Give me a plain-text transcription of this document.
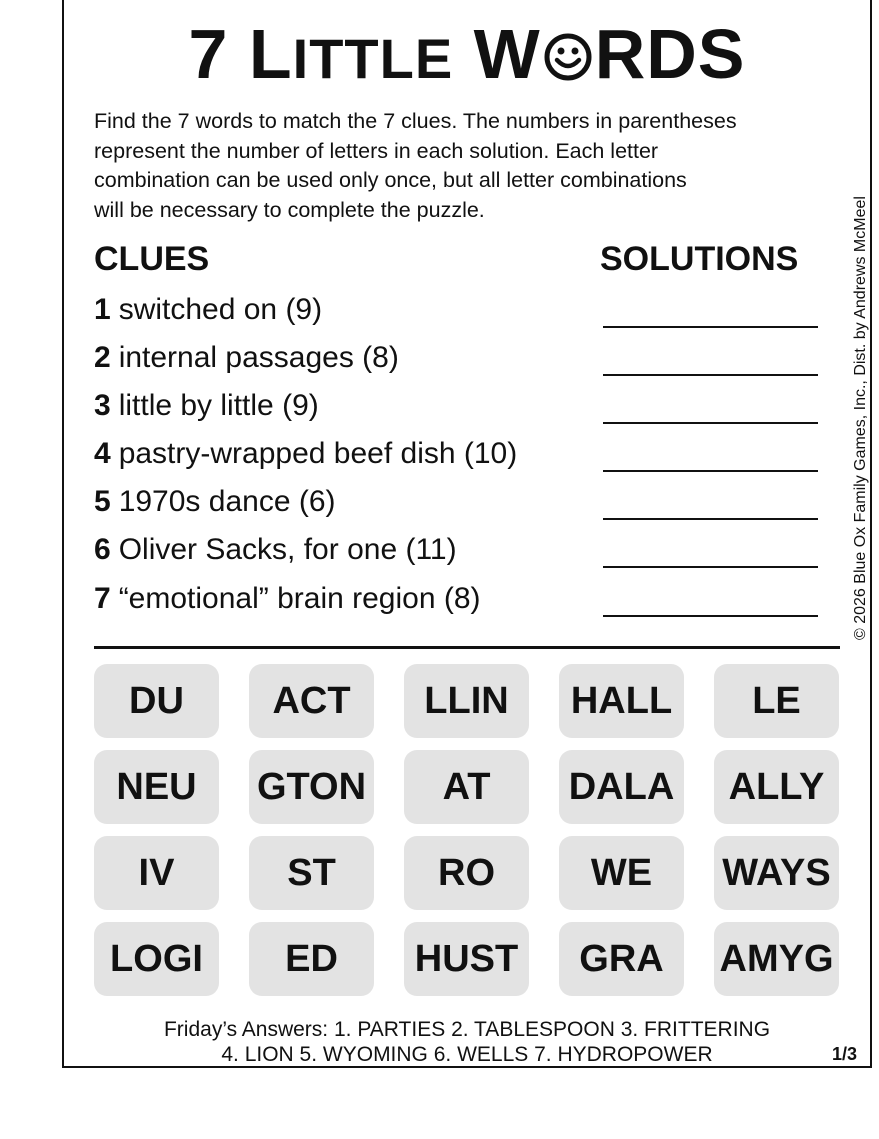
7 LITTLE W RDS
Find the 7 words to match the 7 clues. The numbers in parentheses
represent the number of letters in each solution. Each letter
combination can be used only once, but all letter combinations
will be necessary to complete the puzzle.
CLUES	SOLUTIONS
1 switched on (9)
2 internal passages (8)
3 little by little (9)
4 pastry-wrapped beef dish (10)
5 1970s dance (6)
6 Oliver Sacks, for one (11)
7 “emotional” brain region (8)	© 2026 Blue Ox Family Games, Inc., Dist. by Andrews McMeel
DU	ACT	LLIN	HALL	LE
NEU	GTON	AT	DALA	ALLY
IV	ST	RO	WE	WAYS
LOGI	ED	HUST	GRA	AMYG
Friday’s Answers: 1. PARTIES 2. TABLESPOON 3. FRITTERING
4. LION 5. WYOMING 6. WELLS 7. HYDROPOWER	1/3
